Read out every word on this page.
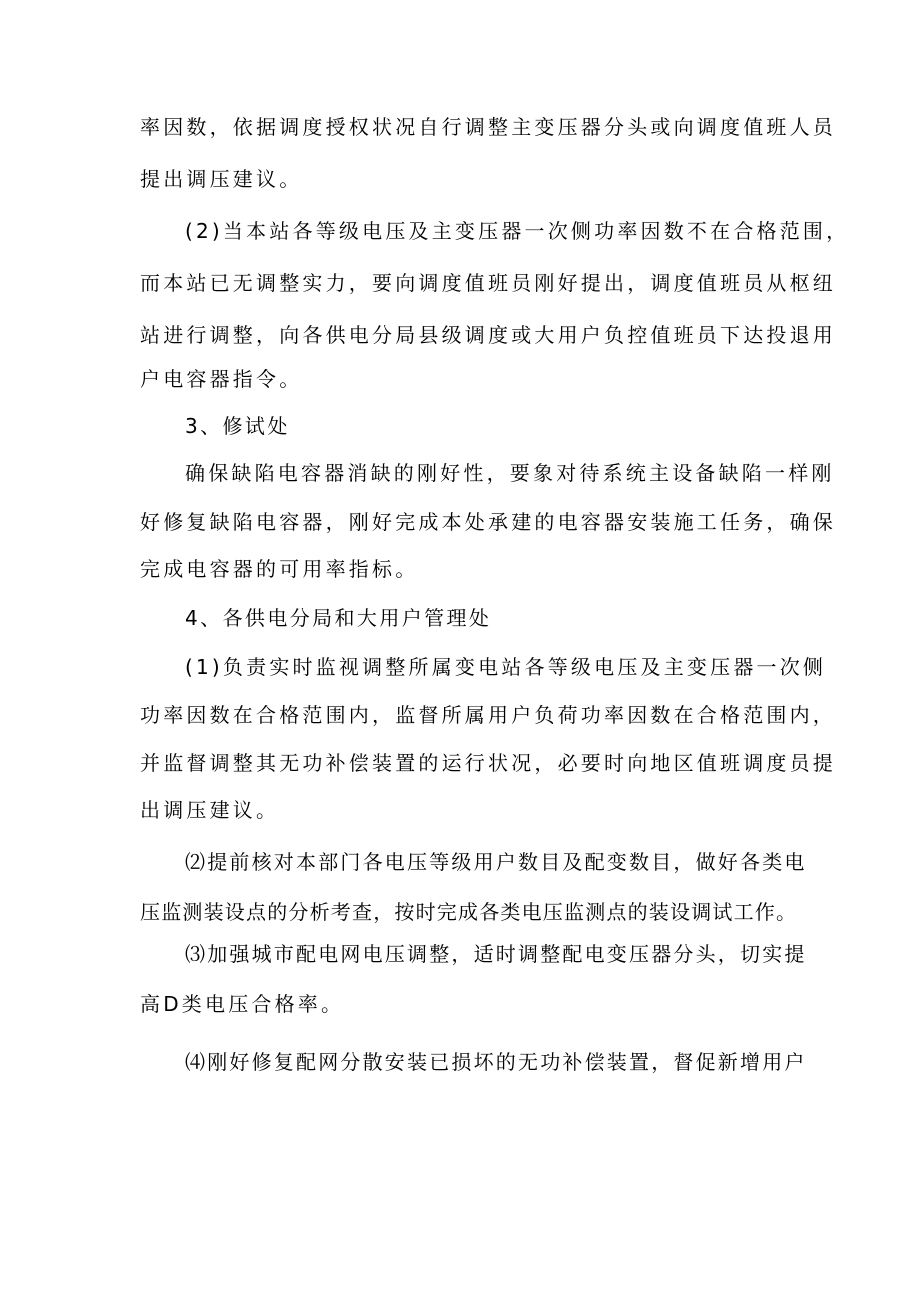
率因数，依据调度授权状况自行调整主变压器分头或向调度值班人员
提出调压建议。
(2)当本站各等级电压及主变压器一次侧功率因数不在合格范围，
而本站已无调整实力，要向调度值班员刚好提出，调度值班员从枢纽
站进行调整，向各供电分局县级调度或大用户负控值班员下达投退用
户电容器指令。
3、修试处
确保缺陷电容器消缺的刚好性，要象对待系统主设备缺陷一样刚
好修复缺陷电容器，刚好完成本处承建的电容器安装施工任务，确保
完成电容器的可用率指标。
4、各供电分局和大用户管理处
(1)负责实时监视调整所属变电站各等级电压及主变压器一次侧
功率因数在合格范围内，监督所属用户负荷功率因数在合格范围内，
并监督调整其无功补偿装置的运行状况，必要时向地区值班调度员提
出调压建议。
⑵提前核对本部门各电压等级用户数目及配变数目，做好各类电
压监测装设点的分析考查，按时完成各类电压监测点的装设调试工作。
⑶加强城市配电网电压调整，适时调整配电变压器分头，切实提
高D类电压合格率。
⑷刚好修复配网分散安装已损坏的无功补偿装置，督促新增用户
